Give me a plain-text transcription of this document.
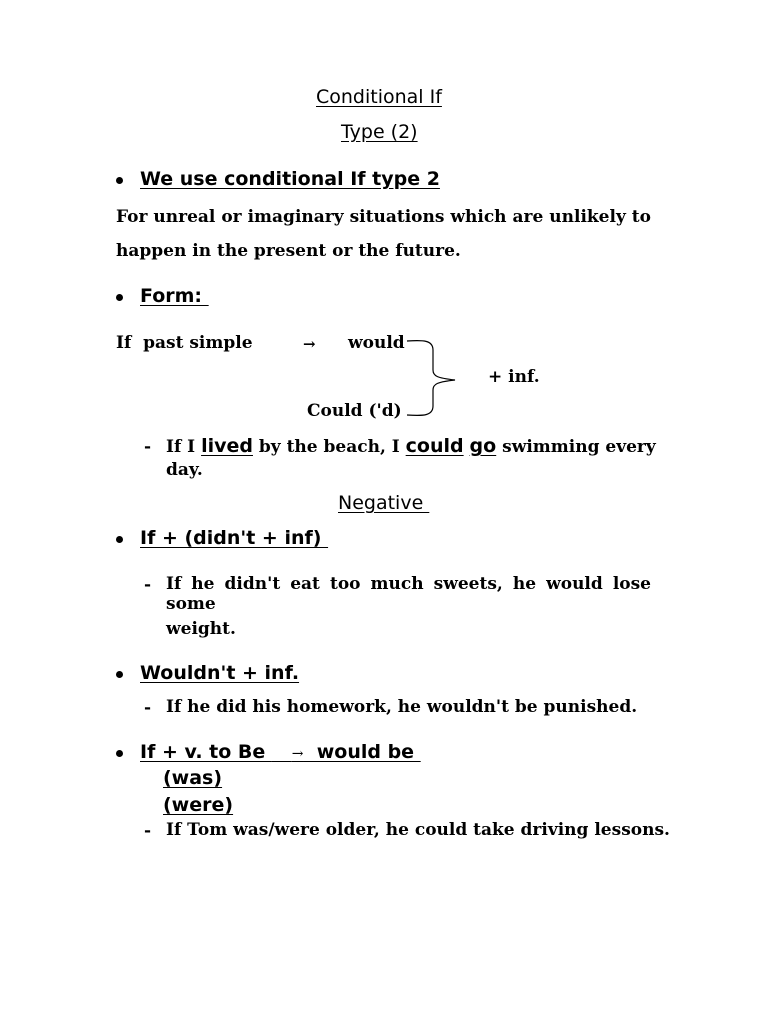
Conditional If
Type (2)
We use conditional If type 2
For unreal or imaginary situations which are unlikely to
happen in the present or the future.
Form:
If  past simple	→ would
Could ('d)
+ inf.
- If I lived by the beach, I could go swimming every
day.
Negative
If + (didn't + inf)
- If he didn't eat too much sweets, he would lose some
weight.
Wouldn't + inf.
- If he did his homework, he wouldn't be punished.
If + v. to Be    →  would be
(was)
(were)
- If Tom was/were older, he could take driving lessons.
